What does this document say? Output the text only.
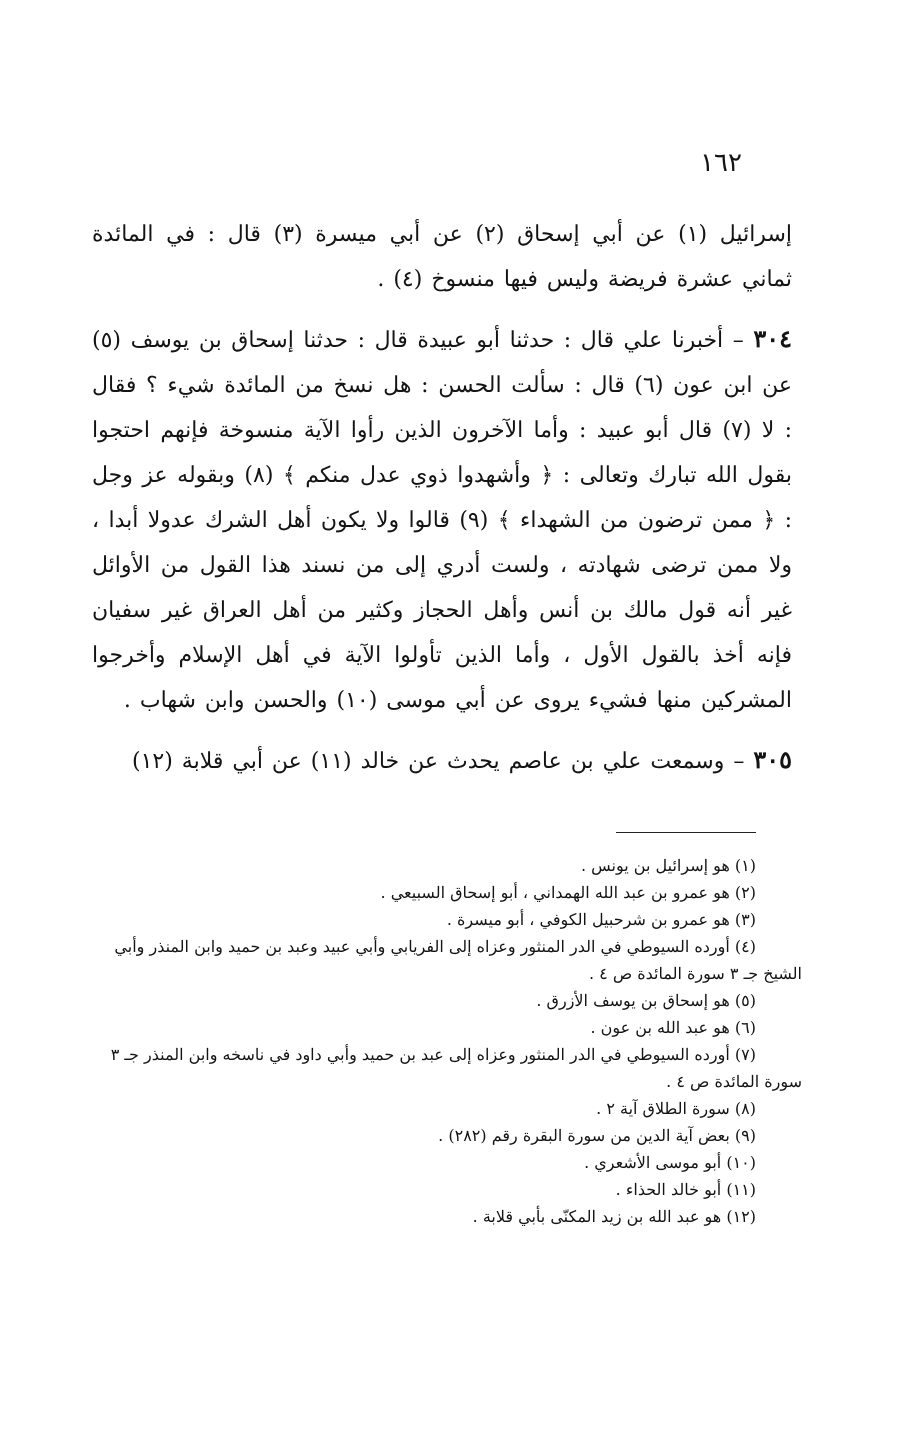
١٦٢

إسرائيل (١) عن أبي إسحاق (٢) عن أبي ميسرة (٣) قال : في المائدة ثماني عشرة فريضة وليس فيها منسوخ (٤) .

٣٠٤ – أخبرنا علي قال : حدثنا أبو عبيدة قال : حدثنا إسحاق بن يوسف (٥) عن ابن عون (٦) قال : سألت الحسن : هل نسخ من المائدة شيء ؟ فقال : لا (٧) قال أبو عبيد : وأما الآخرون الذين رأوا الآية منسوخة فإنهم احتجوا بقول الله تبارك وتعالى : ﴿ وأشهدوا ذوي عدل منكم ﴾ (٨) وبقوله عز وجل : ﴿ ممن ترضون من الشهداء ﴾ (٩) قالوا ولا يكون أهل الشرك عدولا أبدا ، ولا ممن ترضى شهادته ، ولست أدري إلى من نسند هذا القول من الأوائل غير أنه قول مالك بن أنس وأهل الحجاز وكثير من أهل العراق غير سفيان فإنه أخذ بالقول الأول ، وأما الذين تأولوا الآية في أهل الإسلام وأخرجوا المشركين منها فشيء يروى عن أبي موسى (١٠) والحسن وابن شهاب .

٣٠٥ – وسمعت علي بن عاصم يحدث عن خالد (١١) عن أبي قلابة (١٢)

(١) هو إسرائيل بن يونس .

(٢) هو عمرو بن عبد الله الهمداني ، أبو إسحاق السبيعي .

(٣) هو عمرو بن شرحبيل الكوفي ، أبو ميسرة .

(٤) أورده السيوطي في الدر المنثور وعزاه إلى الفريابي وأبي عبيد وعبد بن حميد وابن المنذر وأبي

الشيخ جـ ٣ سورة المائدة ص ٤ .

(٥) هو إسحاق بن يوسف الأزرق .

(٦) هو عبد الله بن عون .

(٧) أورده السيوطي في الدر المنثور وعزاه إلى عبد بن حميد وأبي داود في ناسخه وابن المنذر جـ ٣

سورة المائدة ص ٤ .

(٨) سورة الطلاق آية ٢ .

(٩) بعض آية الدين من سورة البقرة رقم (٢٨٢) .

(١٠) أبو موسى الأشعري .

(١١) أبو خالد الحذاء .

(١٢) هو عبد الله بن زيد المكنّى بأبي قلابة .
